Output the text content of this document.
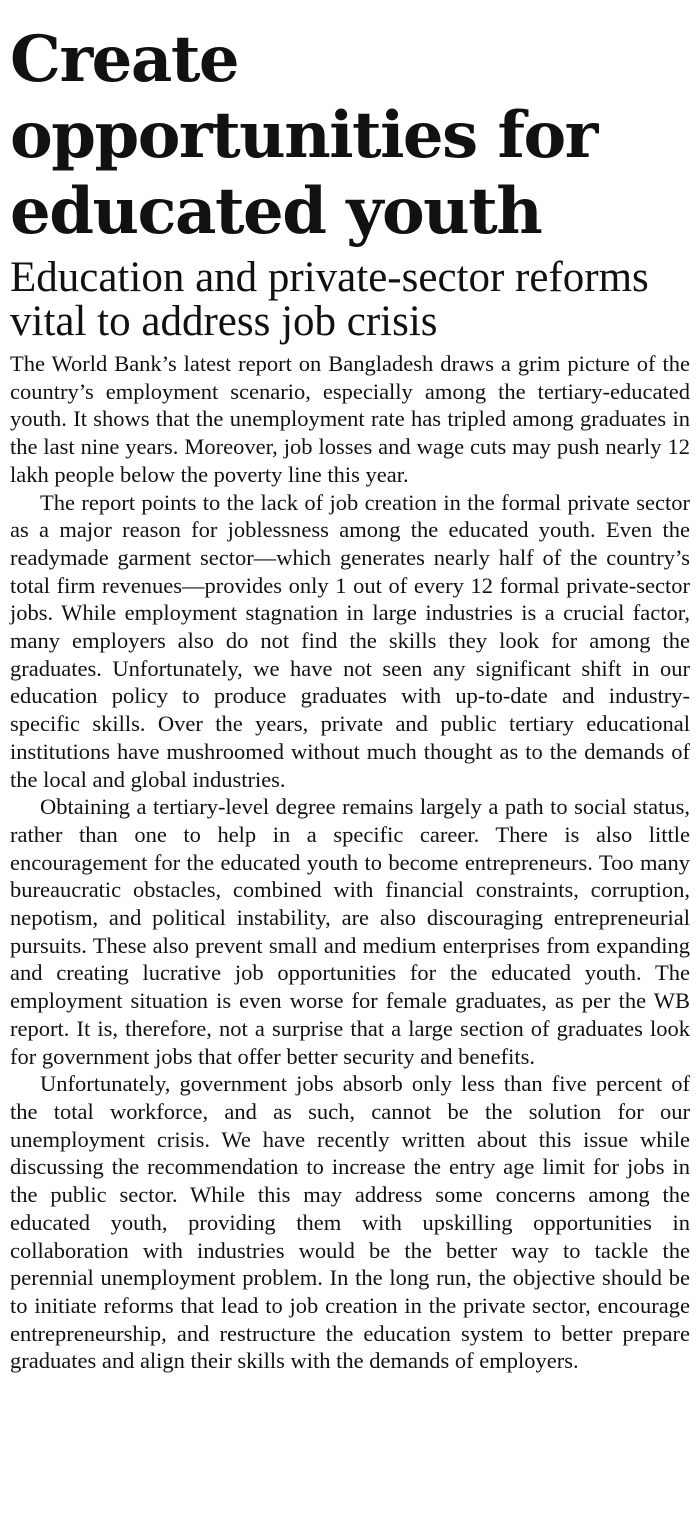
Create opportunities for educated youth
Education and private-sector reforms vital to address job crisis

The World Bank’s latest report on Bangladesh draws a grim picture of the country’s employment scenario, especially among the tertiary-educated youth. It shows that the unemployment rate has tripled among graduates in the last nine years. Moreover, job losses and wage cuts may push nearly 12 lakh people below the poverty line this year.

The report points to the lack of job creation in the formal private sector as a major reason for joblessness among the educated youth. Even the readymade garment sector—which generates nearly half of the country’s total firm revenues—provides only 1 out of every 12 formal private-sector jobs. While employment stagnation in large industries is a crucial factor, many employers also do not find the skills they look for among the graduates. Unfortunately, we have not seen any significant shift in our education policy to produce graduates with up-to-date and industry-specific skills. Over the years, private and public tertiary educational institutions have mushroomed without much thought as to the demands of the local and global industries.

Obtaining a tertiary-level degree remains largely a path to social status, rather than one to help in a specific career. There is also little encouragement for the educated youth to become entrepreneurs. Too many bureaucratic obstacles, combined with financial constraints, corruption, nepotism, and political instability, are also discouraging entrepreneurial pursuits. These also prevent small and medium enterprises from expanding and creating lucrative job opportunities for the educated youth. The employment situation is even worse for female graduates, as per the WB report. It is, therefore, not a surprise that a large section of graduates look for government jobs that offer better security and benefits.

Unfortunately, government jobs absorb only less than five percent of the total workforce, and as such, cannot be the solution for our unemployment crisis. We have recently written about this issue while discussing the recommendation to increase the entry age limit for jobs in the public sector. While this may address some concerns among the educated youth, providing them with upskilling opportunities in collaboration with industries would be the better way to tackle the perennial unemployment problem. In the long run, the objective should be to initiate reforms that lead to job creation in the private sector, encourage entrepreneurship, and restructure the education system to better prepare graduates and align their skills with the demands of employers.
